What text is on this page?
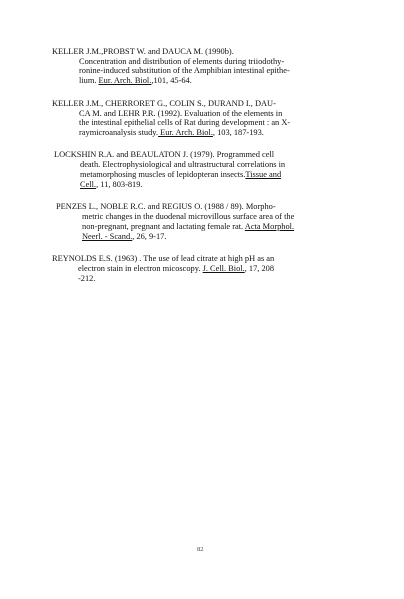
KELLER J.M.,PROBST W. and DAUCA M. (1990b).
Concentration and distribution of elements during triiodothy-
ronine-induced substitution of the Amphibian intestinal epithe-
lium. Eur. Arch. Biol.,101, 45-64.
KELLER J.M., CHERRORET G., COLIN S., DURAND I., DAU-
CA M. and LEHR P.R. (1992). Evaluation of the elements in
the intestinal epithelial cells of Rat during development : an X-
raymicroanalysis study. Eur. Arch. Biol., 103, 187-193.
LOCKSHIN R.A. and BEAULATON J. (1979). Programmed cell
death. Electrophysiological and ultrastructural correlations in
metamorphosing muscles of lepidopteran insects.Tissue and
Cell., 11, 803-819.
PENZES L., NOBLE R.C. and REGIUS O. (1988 / 89). Morpho-
metric changes in the duodenal microvillous surface area of the
non-pregnant, pregnant and lactating female rat. Acta Morphol.
Neerl. - Scand., 26, 9-17.
REYNOLDS E.S. (1963) . The use of lead citrate at high pH as an
electron stain in electron micoscopy. J. Cell. Biol., 17, 208
-212.
82
